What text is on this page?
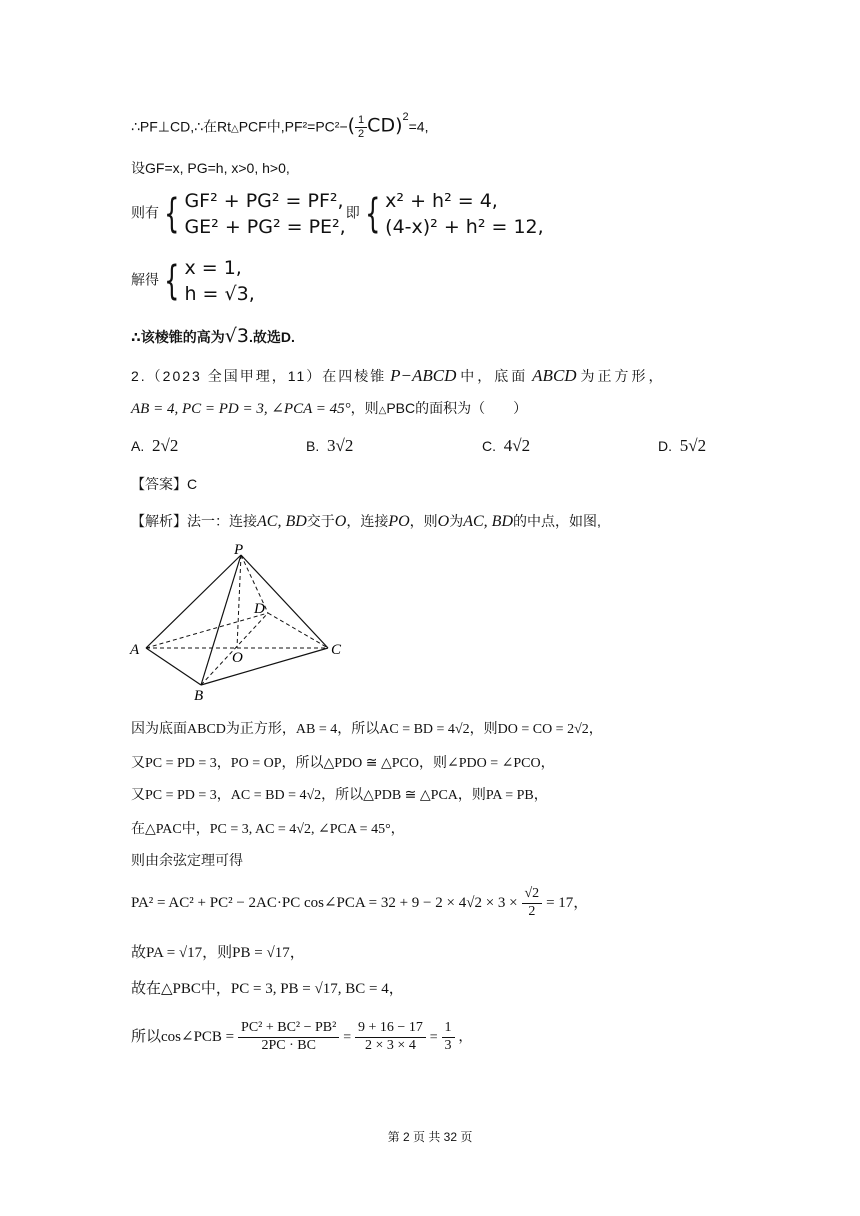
∴PF⊥CD,∴在Rt△PCF中$,PF^2=PC^2-( \frac{1}{2} CD)^2=4$,
设GF=x, PG=h, x>0, h>0,
则有 { GF² + PG² = PF²,
GE² + PG² = PE²,即 { x² + h² = 4,
(4-x)² + h² = 12,
解得 { x = 1,
h = √3,
∴该棱锥的高为√3.故选D.
2.（2023 全国甲理，11）在四棱锥 P−ABCD 中，底面 ABCD 为正方形，
AB = 4, PC = PD = 3, ∠PCA = 45°，则△PBC的面积为（　　）
A. 2√2	B. 3√2	C. 4√2	D. 5√2
【答案】C
【解析】法一：连接AC, BD交于O，连接PO，则O为AC, BD的中点，如图,
P
A
B
C
D
O
因为底面ABCD为正方形，AB = 4，所以AC = BD = 4√2，则DO = CO = 2√2，
又PC = PD = 3，PO = OP，所以△PDO ≅ △PCO，则∠PDO = ∠PCO，
又PC = PD = 3，AC = BD = 4√2，所以△PDB ≅ △PCA，则PA = PB，
在△PAC中，PC = 3, AC = 4√2, ∠PCA = 45°，
则由余弦定理可得
PA² = AC² + PC² − 2AC·PC cos∠PCA = $32 + 9 - 2 \times 4√2 \times 3 \times \frac{√2}{2} = 17$，
故PA = √17，则PB = √17，
故在△PBC中，PC = 3, PB = √17, BC = 4，
所以cos∠PCB = $\frac{\text{PC² + BC² − PB²}}{2PC \cdot BC} = \frac{9 + 16 - 17}{2 \times 3 \times 4} = \frac{1}{3}$ ，
第 2 页 共 32 页
